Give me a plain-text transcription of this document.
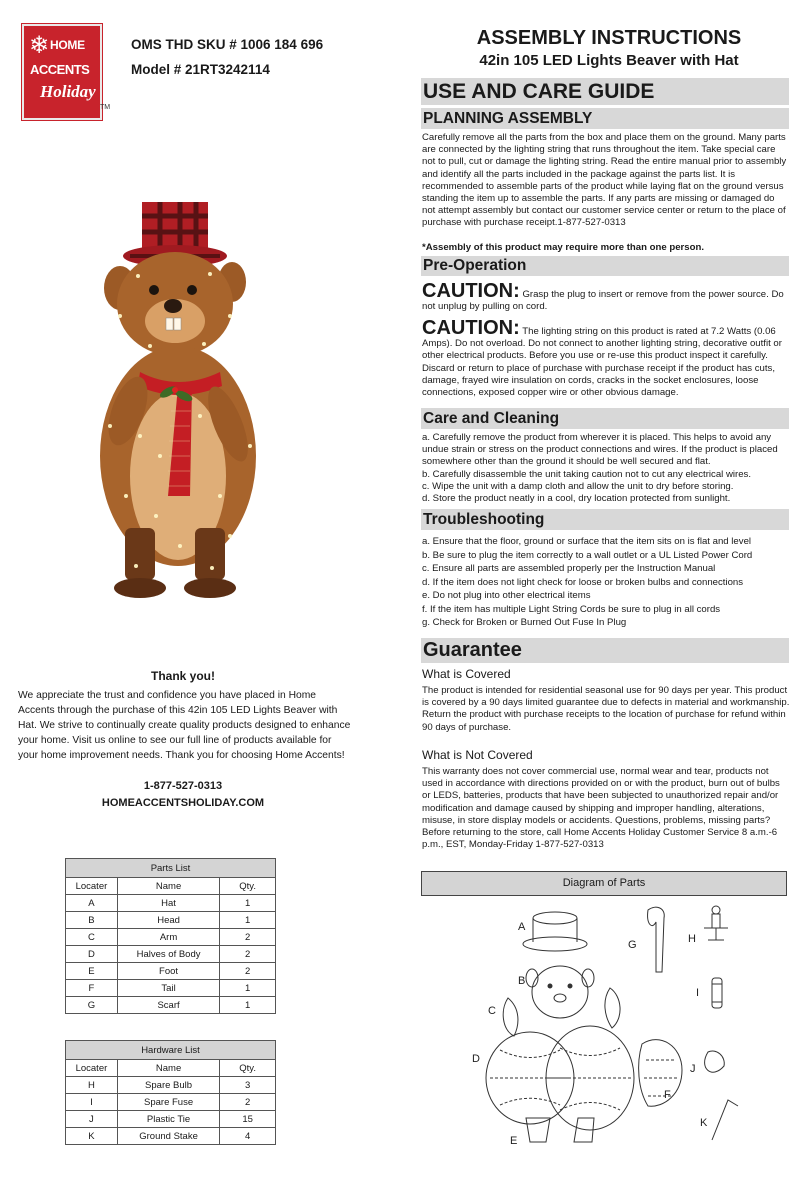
❄ HOME
ACCENTS
Holiday
TM
OMS THD SKU # 1006 184 696
Model # 21RT3242114
Thank you!
We appreciate the trust and confidence you have placed in Home Accents through the purchase of this 42in 105 LED Lights Beaver with Hat. We strive to continually create quality products designed to enhance your home. Visit us online to see our full line of products available for your home improvement needs. Thank you for choosing Home Accents!
1-877-527-0313
HOMEACCENTSHOLIDAY.COM
Parts List		
Locater	Name	Qty.
A	Hat	1
B	Head	1
C	Arm	2
D	Halves of Body	2
E	Foot	2
F	Tail	1
G	Scarf	1
Hardware List		
Locater	Name	Qty.
H	Spare Bulb	3
I	Spare Fuse	2
J	Plastic Tie	15
K	Ground Stake	4
ASSEMBLY INSTRUCTIONS
42in 105 LED Lights Beaver with Hat
USE AND CARE GUIDE
PLANNING ASSEMBLY
Carefully remove all the parts from the box and place them on the ground. Many parts are connected by the lighting string that runs throughout the item. Take special care not to pull, cut or damage the lighting string. Read the entire manual prior to assembly and identify all the parts included in the package against the parts list. It is recommended to assemble parts of the product while laying flat on the ground versus standing the item up to assemble the parts. If any parts are missing or damaged do not attempt assembly but contact our customer service center or return to the place of purchase with purchase receipt.1-877-527-0313
*Assembly of this product may require more than one person.
Pre-Operation
CAUTION: Grasp the plug to insert or remove from the power source. Do not unplug by pulling on cord.
CAUTION: The lighting string on this product is rated at 7.2 Watts (0.06 Amps). Do not overload. Do not connect to another lighting string, decorative outfit or other electrical products. Before you use or re-use this product inspect it carefully. Discard or return to place of purchase with purchase receipt if the product has cuts, damage, frayed wire insulation on cords, cracks in the socket enclosures, loose connections, exposed copper wire or other obvious damage.
Care and Cleaning
a. Carefully remove the product from wherever it is placed. This helps to avoid any undue strain or stress on the product connections and wires. If the product is placed somewhere other than the ground it should be well secured and flat.
b. Carefully disassemble the unit taking caution not to cut any electrical wires.
c. Wipe the unit with a damp cloth and allow the unit to dry before storing.
d. Store the product neatly in a cool, dry location protected from sunlight.
Troubleshooting
a. Ensure that the floor, ground or surface that the item sits on is flat and level
b. Be sure to plug the item correctly to a wall outlet or a UL Listed Power Cord
c. Ensure all parts are assembled properly per the Instruction Manual
d. If the item does not light check for loose or broken bulbs and connections
e. Do not plug into other electrical items
f. If the item has multiple Light String Cords be sure to plug in all cords
g. Check for Broken or Burned Out Fuse In Plug
Guarantee
What is Covered
The product is intended for residential seasonal use for 90 days per year. This product is covered by a 90 days limited guarantee due to defects in material and workmanship. Return the product with purchase receipts to the location of purchase for refund within 90 days of purchase.
What is Not Covered
This warranty does not cover commercial use, normal wear and tear, products not used in accordance with directions provided on or with the product, burn out of bulbs or LEDS, batteries, products that have been subjected to unauthorized repair and/or modification and damage caused by shipping and improper handling, alterations, misuse, in store display models or accidents. Questions, problems, missing parts? Before returning to the store, call Home Accents Holiday Customer Service 8 a.m.-6 p.m., EST, Monday-Friday 1-877-527-0313
Diagram of Parts
A
B
C
D
E
F
G	H
I
J
K
